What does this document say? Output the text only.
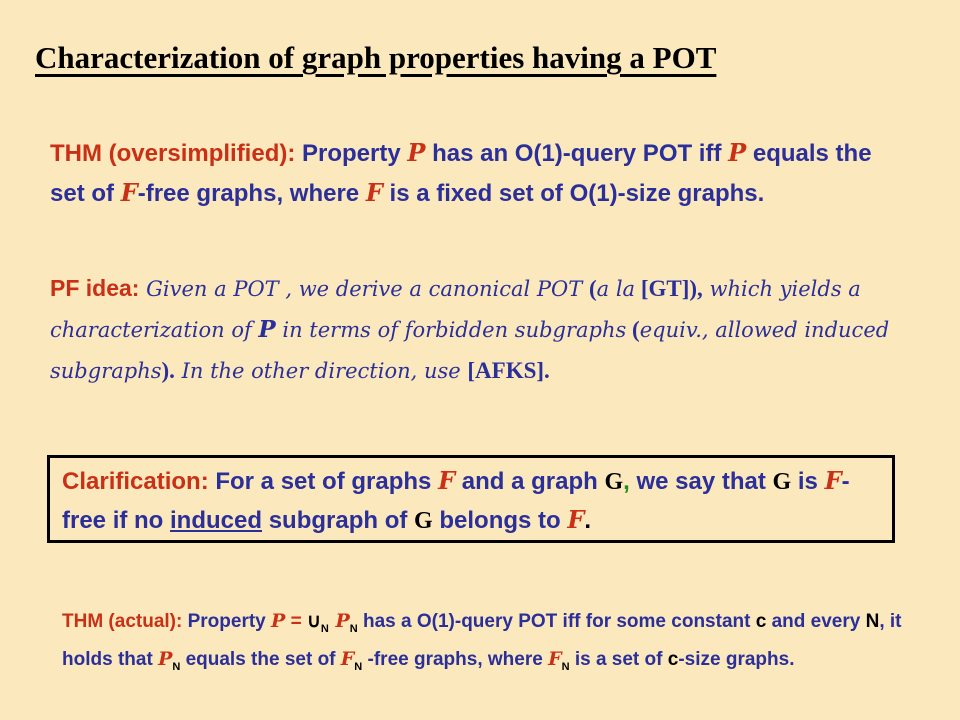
Characterization of graph properties having a POT
THM (oversimplified): Property P has an O(1)-query POT iff P equals the set of F-free graphs, where F is a fixed set of O(1)-size graphs.
PF idea: Given a POT , we derive a canonical POT (a la [GT]), which yields a characterization of P in terms of forbidden subgraphs (equiv., allowed induced subgraphs). In the other direction, use [AFKS].
Clarification: For a set of graphs F and a graph G, we say that G is F-free if no induced subgraph of G belongs to F.
THM (actual): Property $P = \cup_N$ $P_N$ has a O(1)-query POT iff for some constant c and every N, it holds that $P_N$ equals the set of $F_N$ -free graphs, where $F_N$ is a set of c-size graphs.
